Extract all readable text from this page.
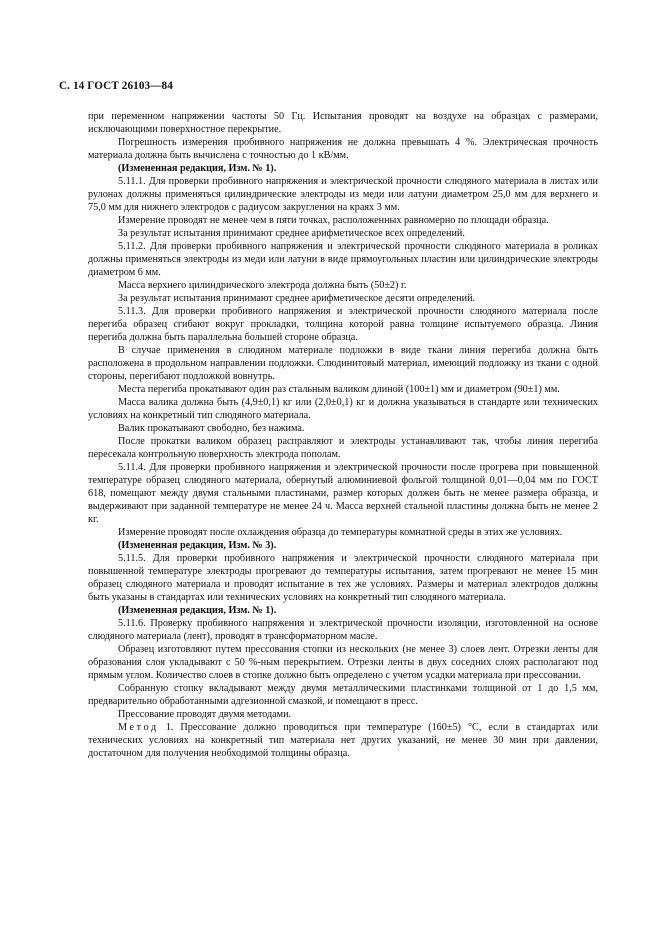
С. 14 ГОСТ 26103—84

при переменном напряжении частоты 50 Гц. Испытания проводят на воздухе на образцах с размерами, исключающими поверхностное перекрытие.

Погрешность измерения пробивного напряжения не должна превышать 4 %. Электрическая прочность материала должна быть вычислена с точностью до 1 кВ/мм.

(Измененная редакция, Изм. № 1).

5.11.1. Для проверки пробивного напряжения и электрической прочности слюдяного материала в листах или рулонах должны применяться цилиндрические электроды из меди или латуни диаметром 25,0 мм для верхнего и 75,0 мм для нижнего электродов с радиусом закругления на краях 3 мм.

Измерение проводят не менее чем в пяти точках, расположенных равномерно по площади образца.

За результат испытания принимают среднее арифметическое всех определений.

5.11.2. Для проверки пробивного напряжения и электрической прочности слюдяного материала в роликах должны применяться электроды из меди или латуни в виде прямоугольных пластин или цилиндрические электроды диаметром 6 мм.

Масса верхнего цилиндрического электрода должна быть (50±2) г.

За результат испытания принимают среднее арифметическое десяти определений.

5.11.3. Для проверки пробивного напряжения и электрической прочности слюдяного материала после перегиба образец сгибают вокруг прокладки, толщина которой равна толщине испытуемого образца. Линия перегиба должна быть параллельна большей стороне образца.

В случае применения в слюдяном материале подложки в виде ткани линия перегиба должна быть расположена в продольном направлении подложки. Слюдинитовый материал, имеющий подложку из ткани с одной стороны, перегибают подложкой вовнутрь.

Места перегиба прокатывают один раз стальным валиком длиной (100±1) мм и диаметром (90±1) мм.

Масса валика должна быть (4,9±0,1) кг или (2,0±0,1) кг и должна указываться в стандарте или технических условиях на конкретный тип слюдяного материала.

Валик прокатывают свободно, без нажима.

После прокатки валиком образец расправляют и электроды устанавливают так, чтобы линия перегиба пересекала контрольную поверхность электрода пополам.

5.11.4. Для проверки пробивного напряжения и электрической прочности после прогрева при повышенной температуре образец слюдяного материала, обернутый алюминиевой фольгой толщиной 0,01—0,04 мм по ГОСТ 618, помещают между двумя стальными пластинами, размер которых должен быть не менее размера образца, и выдерживают при заданной температуре не менее 24 ч. Масса верхней стальной пластины должна быть не менее 2 кг.

Измерение проводят после охлаждения образца до температуры комнатной среды в этих же условиях.

(Измененная редакция, Изм. № 3).

5.11.5. Для проверки пробивного напряжения и электрической прочности слюдяного материала при повышенной температуре электроды прогревают до температуры испытания, затем прогревают не менее 15 мин образец слюдяного материала и проводят испытание в тех же условиях. Размеры и материал электродов должны быть указаны в стандартах или технических условиях на конкретный тип слюдяного материала.

(Измененная редакция, Изм. № 1).

5.11.6. Проверку пробивного напряжения и электрической прочности изоляции, изготовленной на основе слюдяного материала (лент), проводят в трансформаторном масле.

Образец изготовляют путем прессования стопки из нескольких (не менее 3) слоев лент. Отрезки ленты для образования слоя укладывают с 50 %-ным перекрытием. Отрезки ленты в двух соседних слоях располагают под прямым углом. Количество слоев в стопке должно быть определено с учетом усадки материала при прессовании.

Собранную стопку вкладывают между двумя металлическими пластинками толщиной от 1 до 1,5 мм, предварительно обработанными адгезионной смазкой, и помещают в пресс.

Прессование проводят двумя методами.

Метод 1. Прессование должно проводиться при температуре (160±5) °С, если в стандартах или технических условиях на конкретный тип материала нет других указаний, не менее 30 мин при давлении, достаточном для получения необходимой толщины образца.
